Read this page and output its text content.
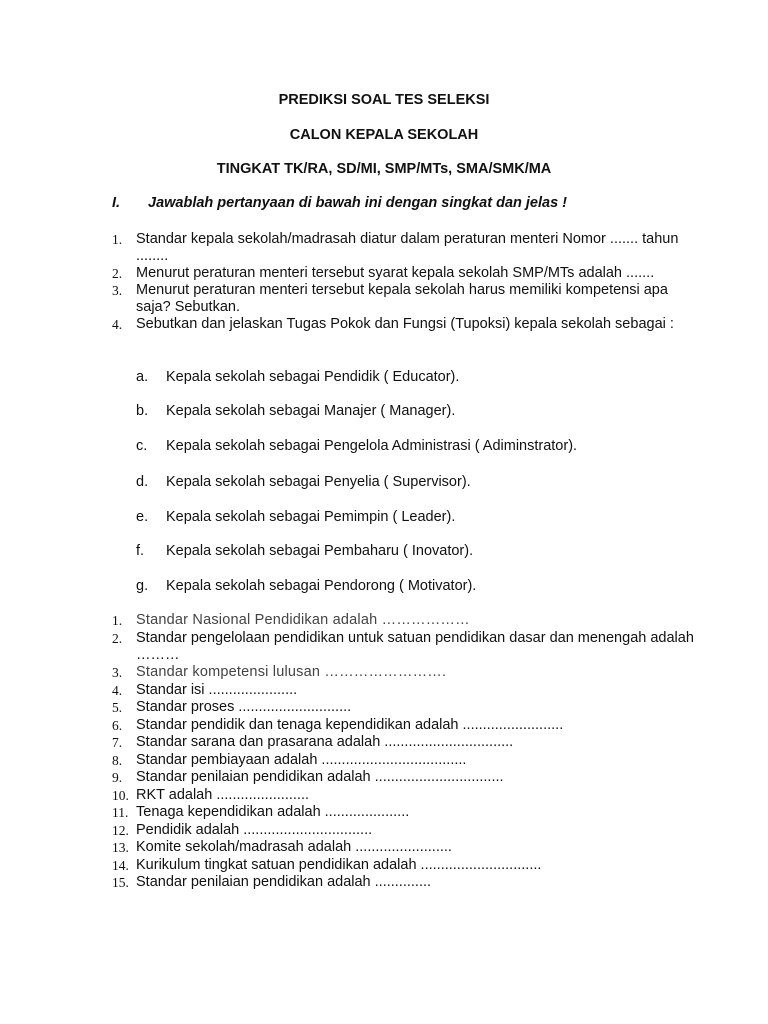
PREDIKSI SOAL TES SELEKSI
CALON KEPALA SEKOLAH
TINGKAT TK/RA, SD/MI, SMP/MTs, SMA/SMK/MA
I. Jawablah pertanyaan di bawah ini dengan singkat dan jelas !
1. Standar kepala sekolah/madrasah diatur dalam peraturan menteri Nomor ....... tahun ........
2. Menurut peraturan menteri tersebut syarat kepala sekolah SMP/MTs adalah .......
3. Menurut peraturan menteri tersebut kepala sekolah harus memiliki kompetensi apa saja? Sebutkan.
4. Sebutkan dan jelaskan Tugas Pokok dan Fungsi (Tupoksi) kepala sekolah sebagai :
a. Kepala sekolah sebagai Pendidik ( Educator).
b. Kepala sekolah sebagai Manajer ( Manager).
c. Kepala sekolah sebagai Pengelola Administrasi ( Adiminstrator).
d. Kepala sekolah sebagai Penyelia ( Supervisor).
e. Kepala sekolah sebagai Pemimpin ( Leader).
f. Kepala sekolah sebagai Pembaharu ( Inovator).
g. Kepala sekolah sebagai Pendorong ( Motivator).
1. Standar Nasional Pendidikan adalah ………………
2. Standar pengelolaan pendidikan untuk satuan pendidikan dasar dan menengah adalah ………
3. Standar kompetensi lulusan …………………….
4. Standar isi ......................
5. Standar proses ............................
6. Standar pendidik dan tenaga kependidikan adalah .........................
7. Standar sarana dan prasarana adalah ................................
8. Standar pembiayaan adalah ....................................
9. Standar penilaian pendidikan adalah ................................
10. RKT adalah .......................
11. Tenaga kependidikan adalah .....................
12. Pendidik adalah ................................
13. Komite sekolah/madrasah adalah ........................
14. Kurikulum tingkat satuan pendidikan adalah ..............................
15. Standar penilaian pendidikan adalah ..............
